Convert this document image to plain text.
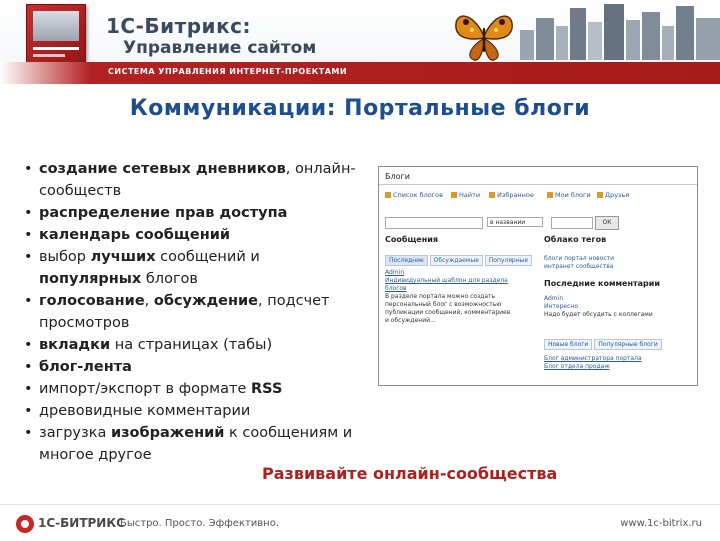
1С-Битрикс:
Управление сайтом
СИСТЕМА УПРАВЛЕНИЯ ИНТЕРНЕТ-ПРОЕКТАМИ
Коммуникации: Портальные блоги
• создание сетевых дневников, онлайн-
сообществ
• распределение прав доступа
• календарь сообщений
• выбор лучших сообщений и
популярных блогов
• голосование, обсуждение, подсчет
просмотров
• вкладки на страницах (табы)
• блог-лента
• импорт/экспорт в формате RSS
• древовидные комментарии
• загрузка изображений к сообщениям и
многое другое
Блоги
Список блогов	Найти	Избранное	Мои блоги	Друзья
в названии	ОК
Сообщения	Облако тегов
Последние Обсуждаемые Популярные
Admin
Индивидуальный шаблон для раздела
блогов
В разделе портала можно создать
персональный блог с возможностью
публикации сообщений, комментариев
и обсуждений...
блоги портал новости
интранет сообщества
Последние комментарии
Admin
Интересно
Надо будет обсудить с коллегами
Новые блоги Популярные блоги
Блог администратора портала
Блог отдела продаж
Развивайте онлайн-сообщества
1С-БИТРИКС
Быстро. Просто. Эффективно.	www.1c-bitrix.ru
